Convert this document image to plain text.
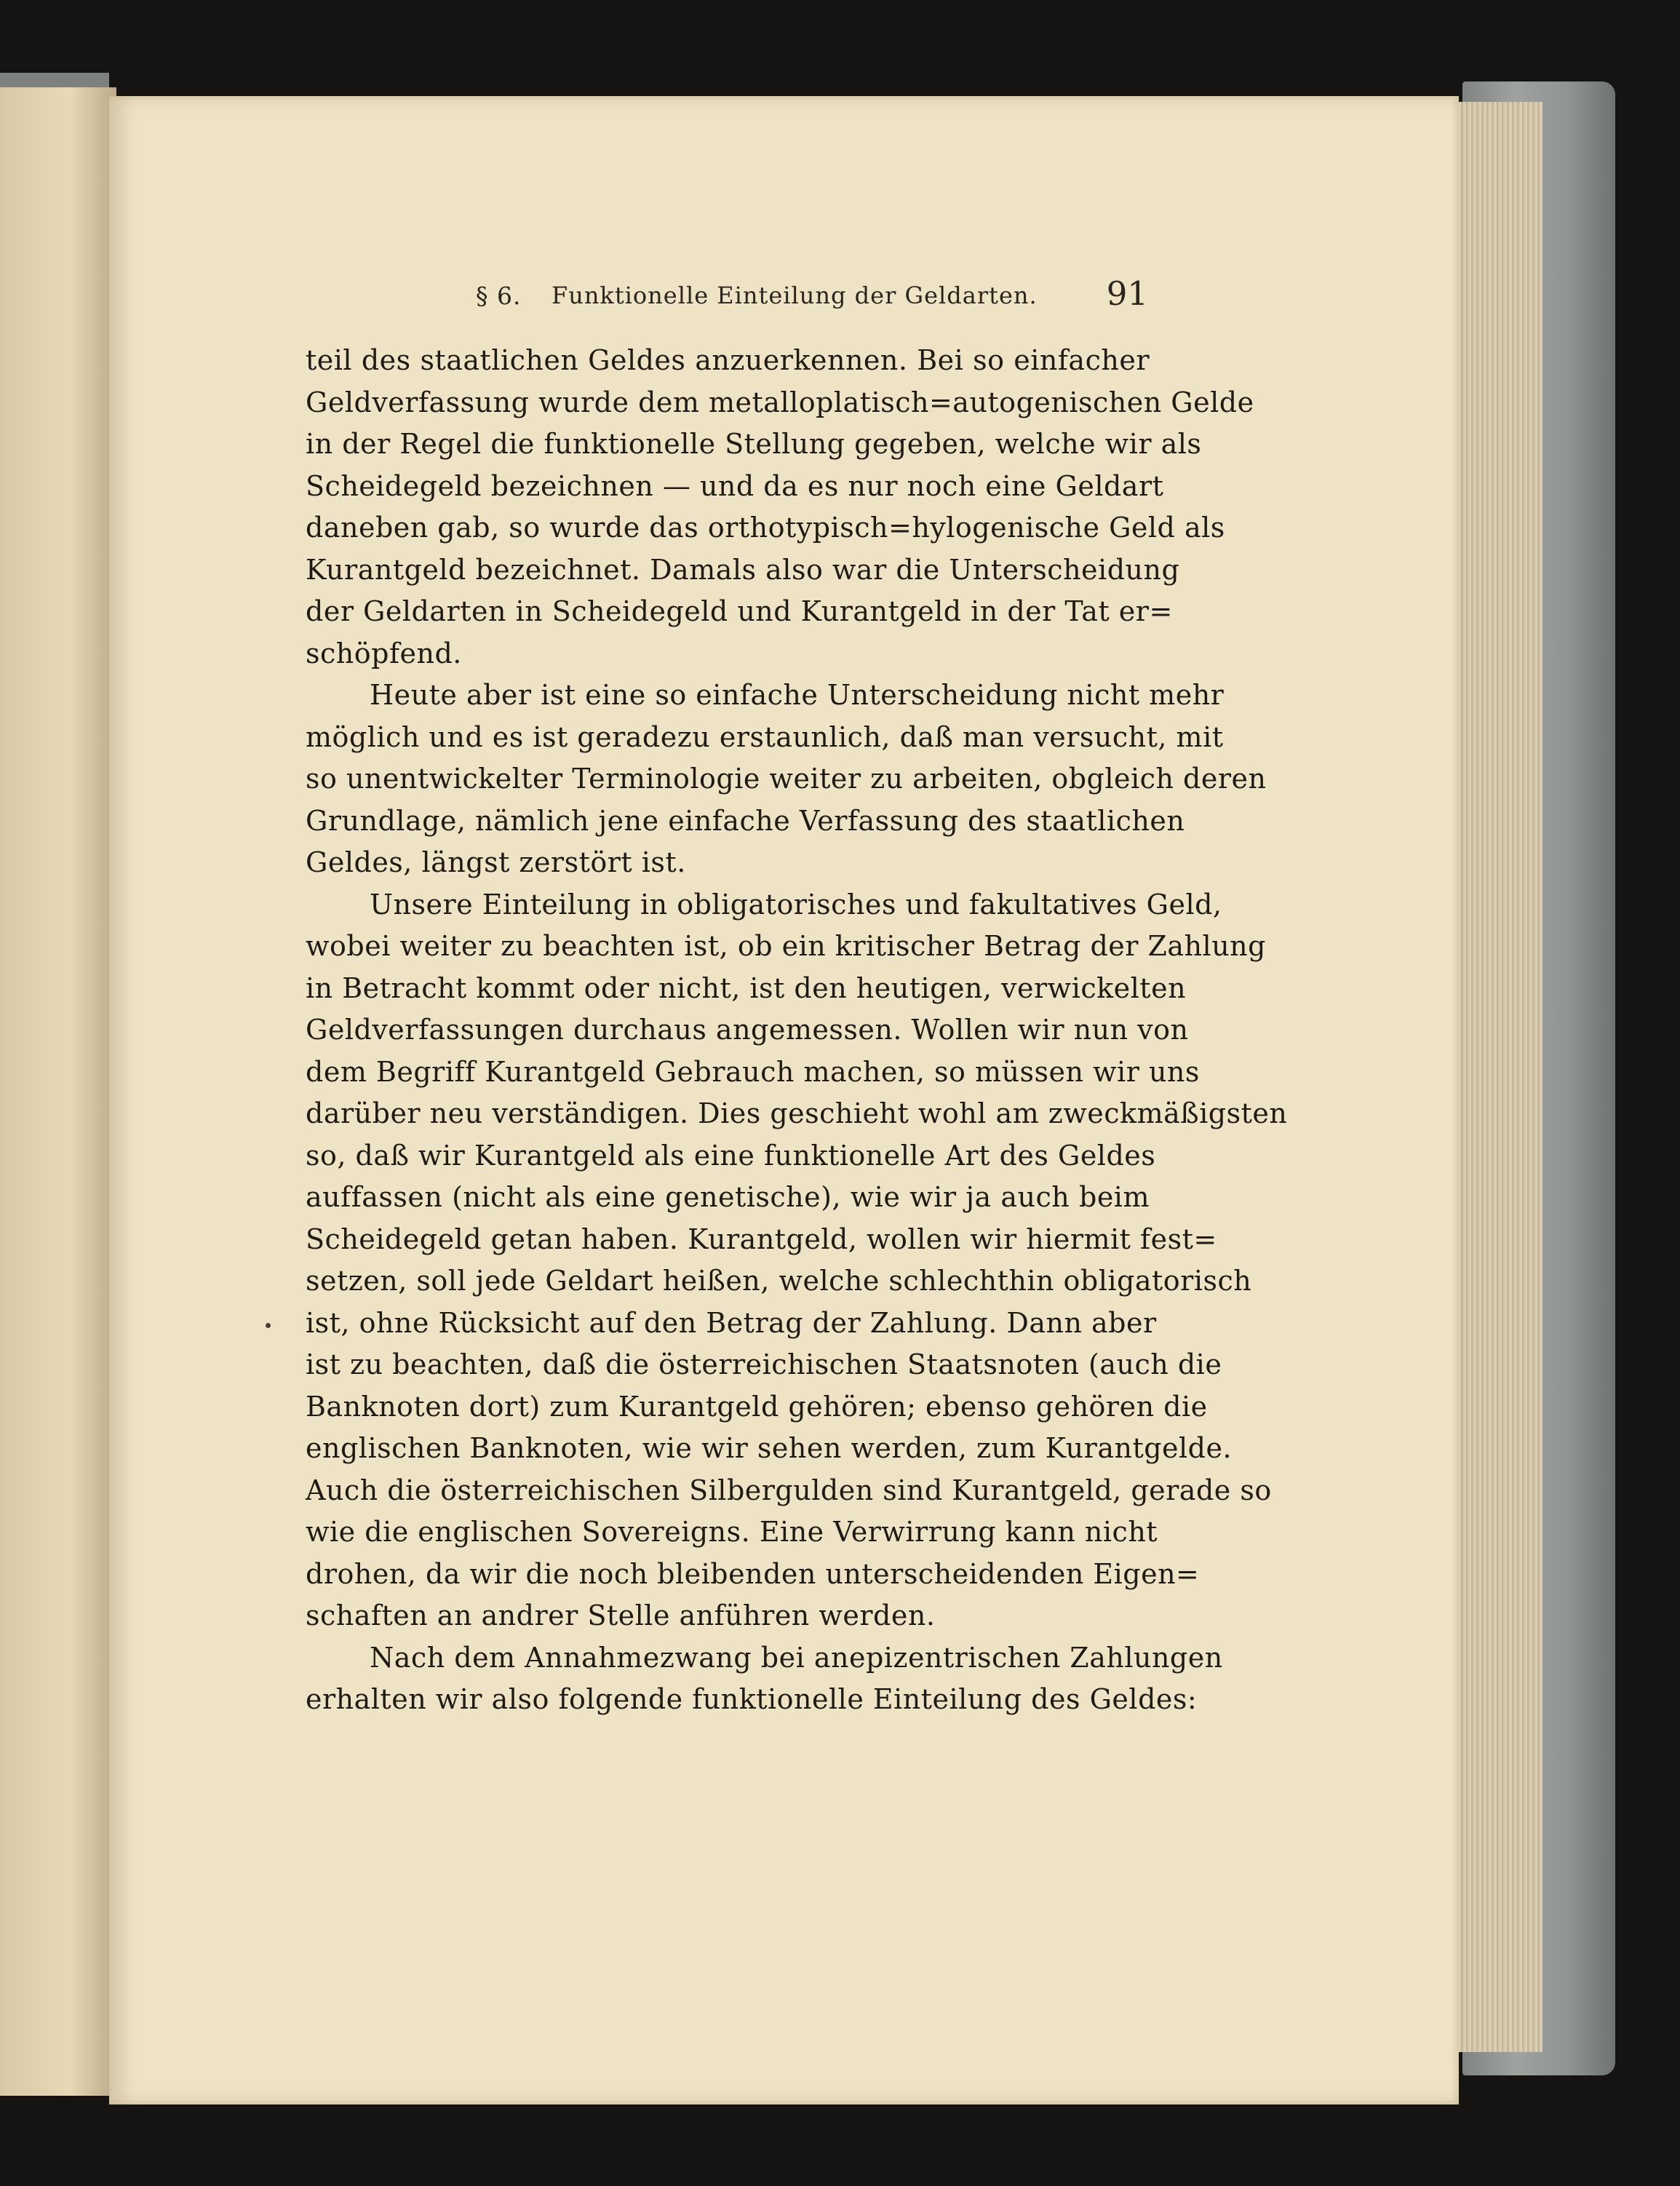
§ 6. Funktionelle Einteilung der Geldarten. 91
teil des staatlichen Geldes anzuerkennen. Bei so einfacher
Geldverfassung wurde dem metalloplatisch=autogenischen Gelde
in der Regel die funktionelle Stellung gegeben, welche wir als
Scheidegeld bezeichnen — und da es nur noch eine Geldart
daneben gab, so wurde das orthotypisch=hylogenische Geld als
Kurantgeld bezeichnet. Damals also war die Unterscheidung
der Geldarten in Scheidegeld und Kurantgeld in der Tat er=
schöpfend.
Heute aber ist eine so einfache Unterscheidung nicht mehr
möglich und es ist geradezu erstaunlich, daß man versucht, mit
so unentwickelter Terminologie weiter zu arbeiten, obgleich deren
Grundlage, nämlich jene einfache Verfassung des staatlichen
Geldes, längst zerstört ist.
Unsere Einteilung in obligatorisches und fakultatives Geld,
wobei weiter zu beachten ist, ob ein kritischer Betrag der Zahlung
in Betracht kommt oder nicht, ist den heutigen, verwickelten
Geldverfassungen durchaus angemessen. Wollen wir nun von
dem Begriff Kurantgeld Gebrauch machen, so müssen wir uns
darüber neu verständigen. Dies geschieht wohl am zweckmäßigsten
so, daß wir Kurantgeld als eine funktionelle Art des Geldes
auffassen (nicht als eine genetische), wie wir ja auch beim
Scheidegeld getan haben. Kurantgeld, wollen wir hiermit fest=
setzen, soll jede Geldart heißen, welche schlechthin obligatorisch
ist, ohne Rücksicht auf den Betrag der Zahlung. Dann aber
ist zu beachten, daß die österreichischen Staatsnoten (auch die
Banknoten dort) zum Kurantgeld gehören; ebenso gehören die
englischen Banknoten, wie wir sehen werden, zum Kurantgelde.
Auch die österreichischen Silbergulden sind Kurantgeld, gerade so
wie die englischen Sovereigns. Eine Verwirrung kann nicht
drohen, da wir die noch bleibenden unterscheidenden Eigen=
schaften an andrer Stelle anführen werden.
Nach dem Annahmezwang bei anepizentrischen Zahlungen
erhalten wir also folgende funktionelle Einteilung des Geldes:
